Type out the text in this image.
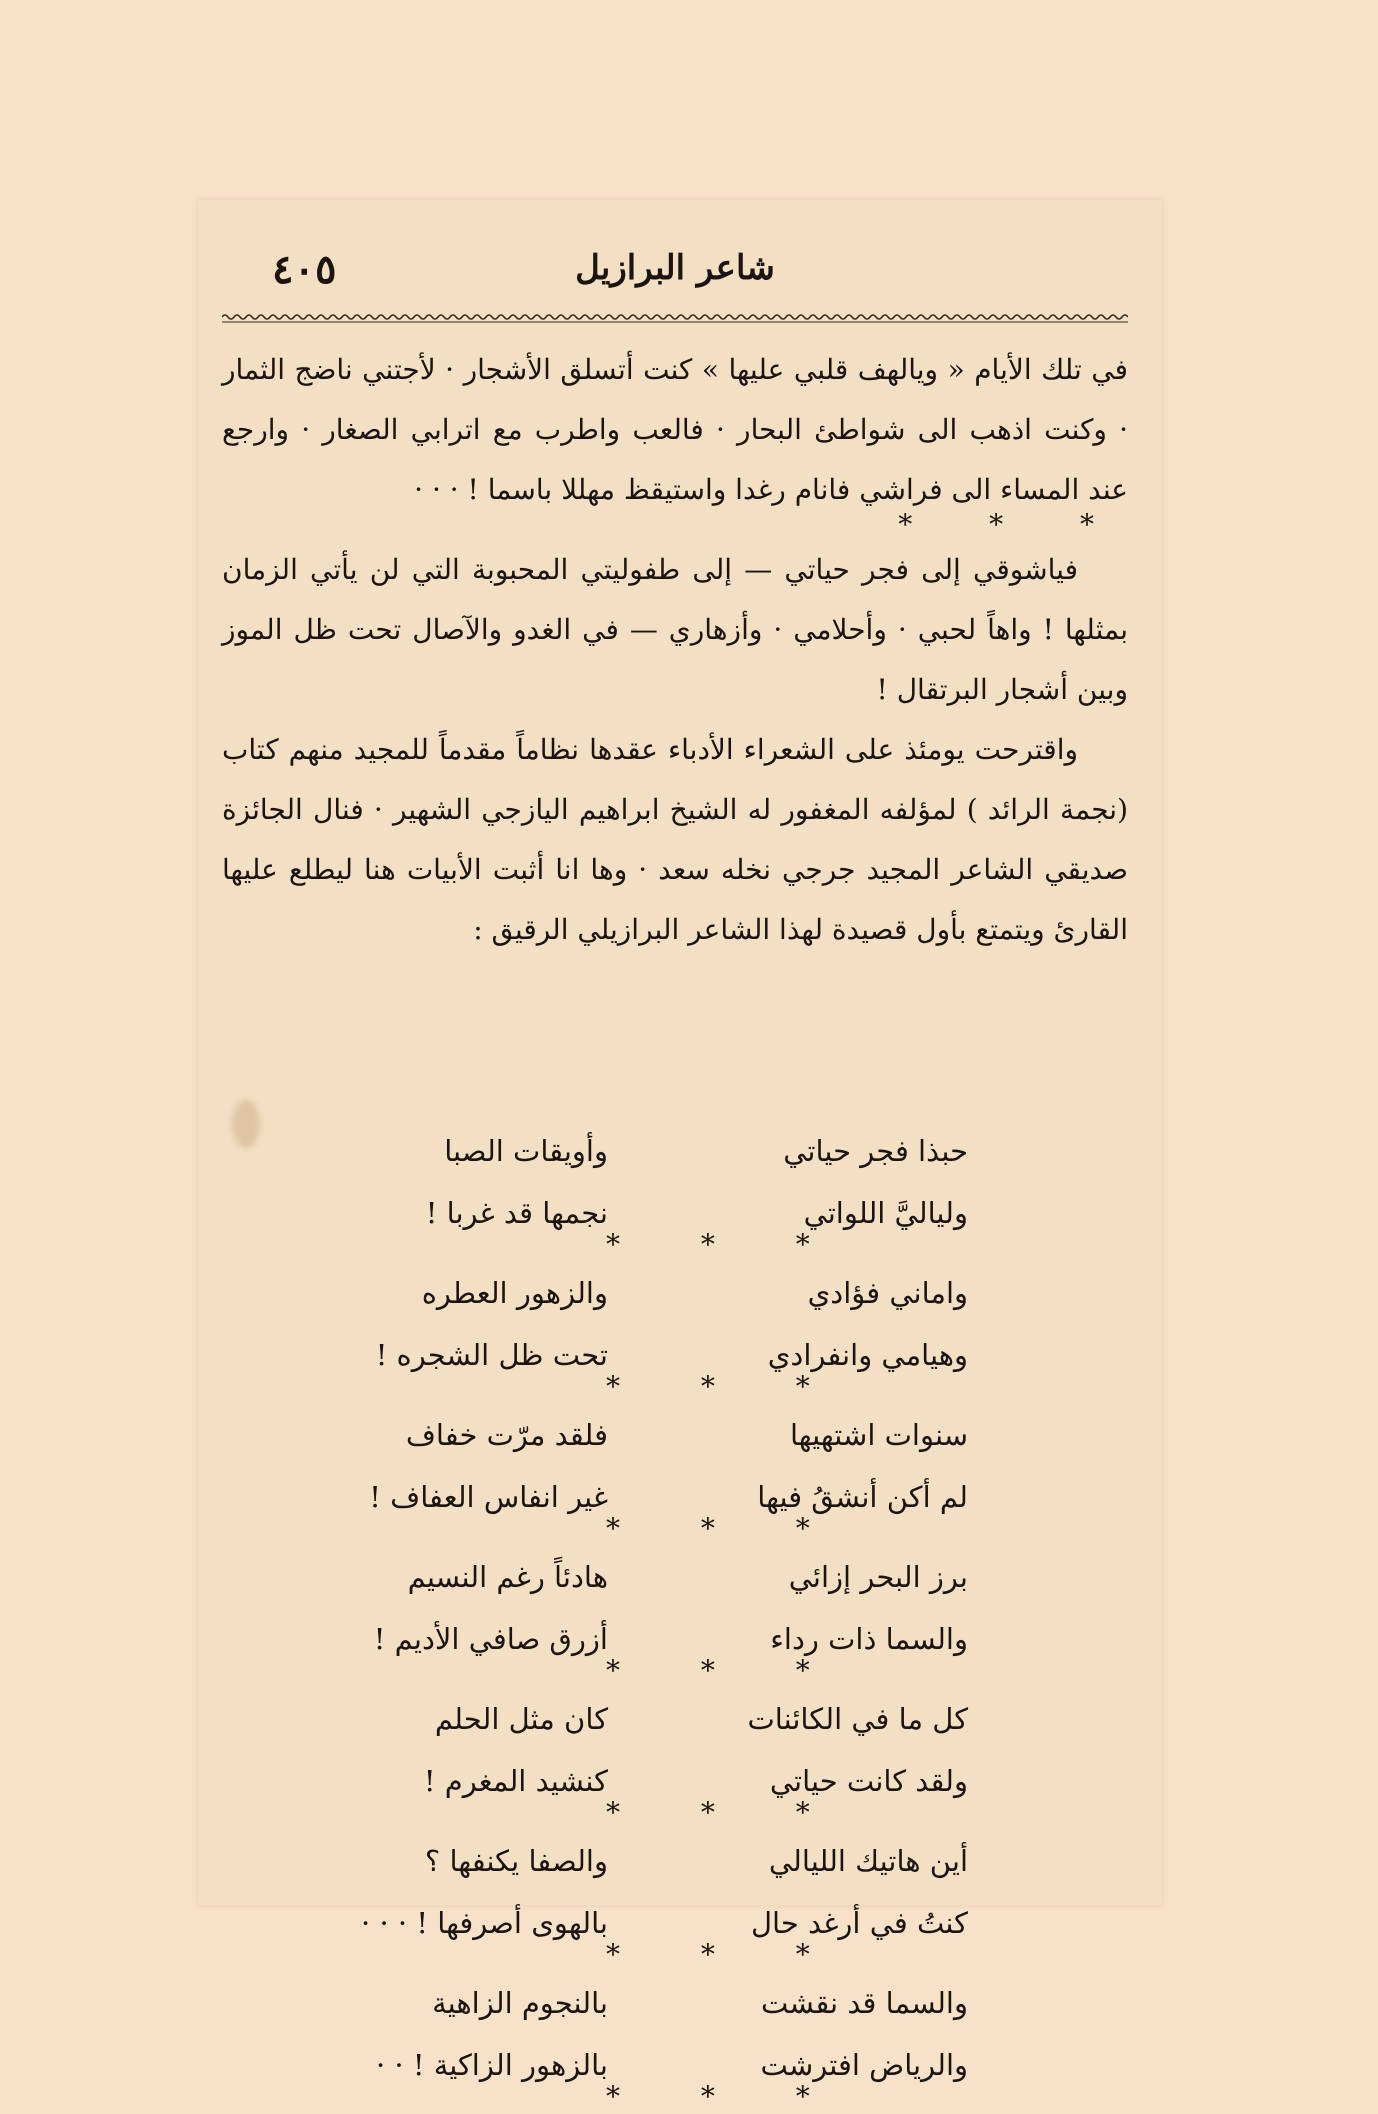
٤٠٥	شاعر البرازيل

في تلك الأيام « ويالهف قلبي عليها » كنت أتسلق الأشجار · لأجتني ناضج الثمار · وكنت اذهب الى شواطئ البحار · فالعب واطرب مع اترابي الصغار · وارجع عند المساء الى فراشي فانام رغدا واستيقظ مهللا باسما ! · · ·

* * *

فياشوقي إلى فجر حياتي — إلى طفوليتي المحبوبة التي لن يأتي الزمان بمثلها ! واهاً لحبي · وأحلامي · وأزهاري — في الغدو والآصال تحت ظل الموز وبين أشجار البرتقال !

واقترحت يومئذ على الشعراء الأدباء عقدها نظاماً مقدماً للمجيد منهم كتاب (نجمة الرائد ) لمؤلفه المغفور له الشيخ ابراهيم اليازجي الشهير · فنال الجائزة صديقي الشاعر المجيد جرجي نخله سعد · وها انا أثبت الأبيات هنا ليطلع عليها القارئ ويتمتع بأول قصيدة لهذا الشاعر البرازيلي الرقيق :

حبذا فجر حياتي
وأويقات الصبا
ولياليَّ اللواتي
نجمها قد غربا !
* * *
واماني فؤادي
والزهور العطره
وهيامي وانفرادي
تحت ظل الشجره !
* * *
سنوات اشتهيها
فلقد مرّت خفاف
لم أكن أنشقُ فيها
غير انفاس العفاف !
* * *
برز البحر إزائي
هادئاً رغم النسيم
والسما ذات رداء
أزرق صافي الأديم !
* * *
كل ما في الكائنات
كان مثل الحلم
ولقد كانت حياتي
كنشيد المغرم !
* * *
أين هاتيك الليالي
والصفا يكنفها ؟
كنتُ في أرغد حال
بالهوى أصرفها ! · · ·
* * *
والسما قد نقشت
بالنجوم الزاهية
والرياض افترشت
بالزهور الزاكية ! · ·
* * *
